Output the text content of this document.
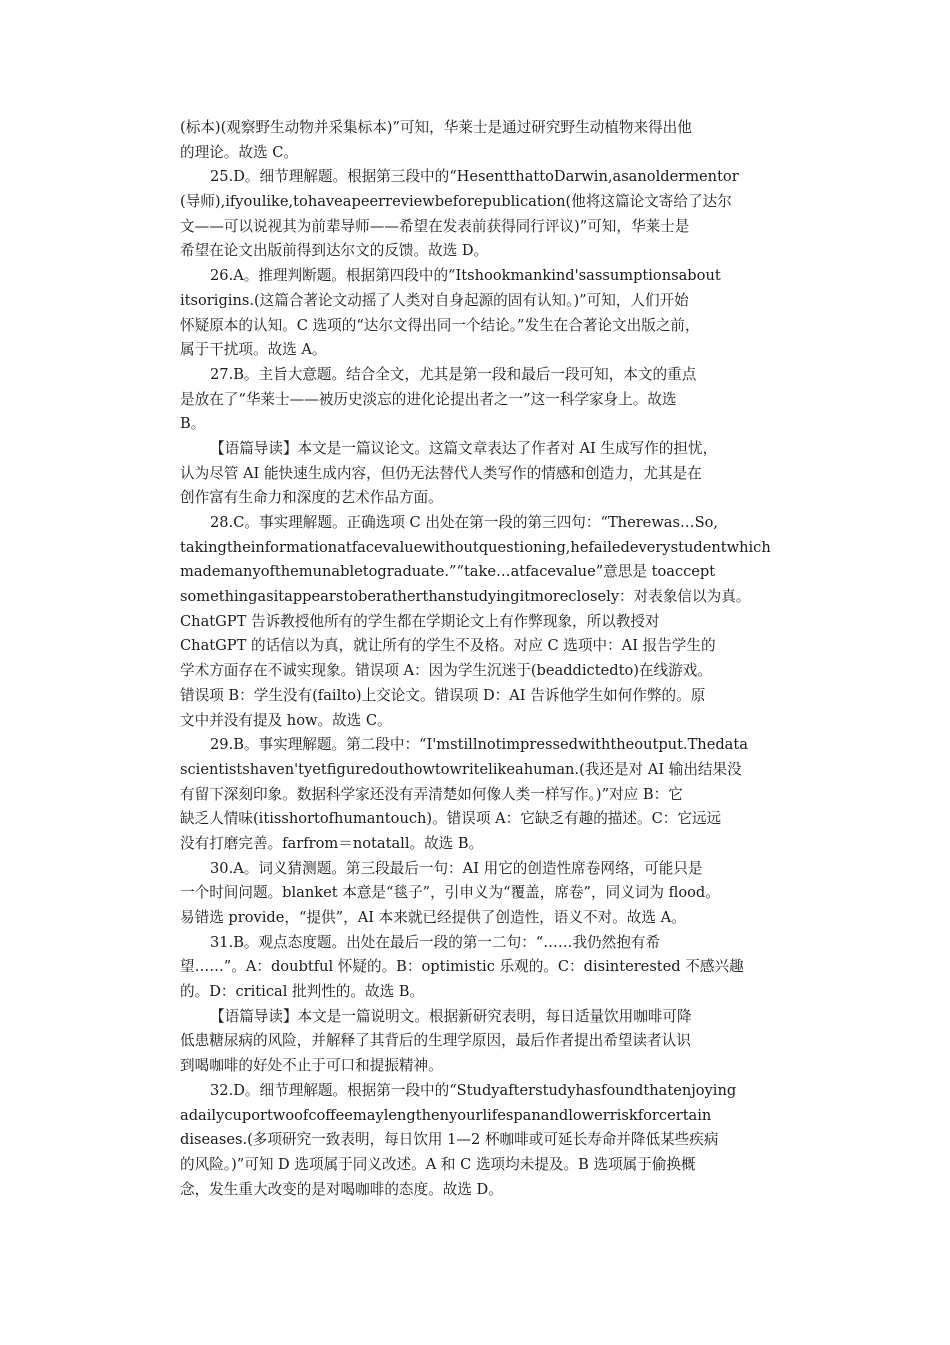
(标本)(观察野生动物并采集标本)”可知，华莱士是通过研究野生动植物来得出他
的理论。故选 C。
25.D。细节理解题。根据第三段中的“HesentthattoDarwin,asanoldermentor
(导师),ifyoulike,tohaveapeerreviewbeforepublication(他将这篇论文寄给了达尔
文——可以说视其为前辈导师——希望在发表前获得同行评议)”可知，华莱士是
希望在论文出版前得到达尔文的反馈。故选 D。
26.A。推理判断题。根据第四段中的“Itshookmankind'sassumptionsabout
itsorigins.(这篇合著论文动摇了人类对自身起源的固有认知。)”可知，人们开始
怀疑原本的认知。C 选项的“达尔文得出同一个结论。”发生在合著论文出版之前，
属于干扰项。故选 A。
27.B。主旨大意题。结合全文，尤其是第一段和最后一段可知，本文的重点
是放在了“华莱士——被历史淡忘的进化论提出者之一”这一科学家身上。故选
B。
【语篇导读】本文是一篇议论文。这篇文章表达了作者对 AI 生成写作的担忧，
认为尽管 AI 能快速生成内容，但仍无法替代人类写作的情感和创造力，尤其是在
创作富有生命力和深度的艺术作品方面。
28.C。事实理解题。正确选项 C 出处在第一段的第三四句：“Therewas…So,
takingtheinformationatfacevaluewithoutquestioning,hefailedeverystudentwhich
mademanyofthemunabletograduate.”“take…atfacevalue”意思是 toaccept
somethingasitappearstoberatherthanstudyingitmoreclosely：对表象信以为真。
ChatGPT 告诉教授他所有的学生都在学期论文上有作弊现象，所以教授对
ChatGPT 的话信以为真，就让所有的学生不及格。对应 C 选项中：AI 报告学生的
学术方面存在不诚实现象。错误项 A：因为学生沉迷于(beaddictedto)在线游戏。
错误项 B：学生没有(failto)上交论文。错误项 D：AI 告诉他学生如何作弊的。原
文中并没有提及 how。故选 C。
29.B。事实理解题。第二段中：“I'mstillnotimpressedwiththeoutput.Thedata
scientistshaven'tyetfiguredouthowtowritelikeahuman.(我还是对 AI 输出结果没
有留下深刻印象。数据科学家还没有弄清楚如何像人类一样写作。)”对应 B：它
缺乏人情味(itisshortofhumantouch)。错误项 A：它缺乏有趣的描述。C：它远远
没有打磨完善。farfrom＝notatall。故选 B。
30.A。词义猜测题。第三段最后一句：AI 用它的创造性席卷网络，可能只是
一个时间问题。blanket 本意是“毯子”，引申义为“覆盖，席卷”，同义词为 flood。
易错选 provide，“提供”，AI 本来就已经提供了创造性，语义不对。故选 A。
31.B。观点态度题。出处在最后一段的第一二句：“……我仍然抱有希
望……”。A：doubtful 怀疑的。B：optimistic 乐观的。C：disinterested 不感兴趣
的。D：critical 批判性的。故选 B。
【语篇导读】本文是一篇说明文。根据新研究表明，每日适量饮用咖啡可降
低患糖尿病的风险，并解释了其背后的生理学原因，最后作者提出希望读者认识
到喝咖啡的好处不止于可口和提振精神。
32.D。细节理解题。根据第一段中的“Studyafterstudyhasfoundthatenjoying
adailycuportwoofcoffeemaylengthenyourlifespanandlowerriskforcertain
diseases.(多项研究一致表明，每日饮用 1—2 杯咖啡或可延长寿命并降低某些疾病
的风险。)”可知 D 选项属于同义改述。A 和 C 选项均未提及。B 选项属于偷换概
念，发生重大改变的是对喝咖啡的态度。故选 D。
